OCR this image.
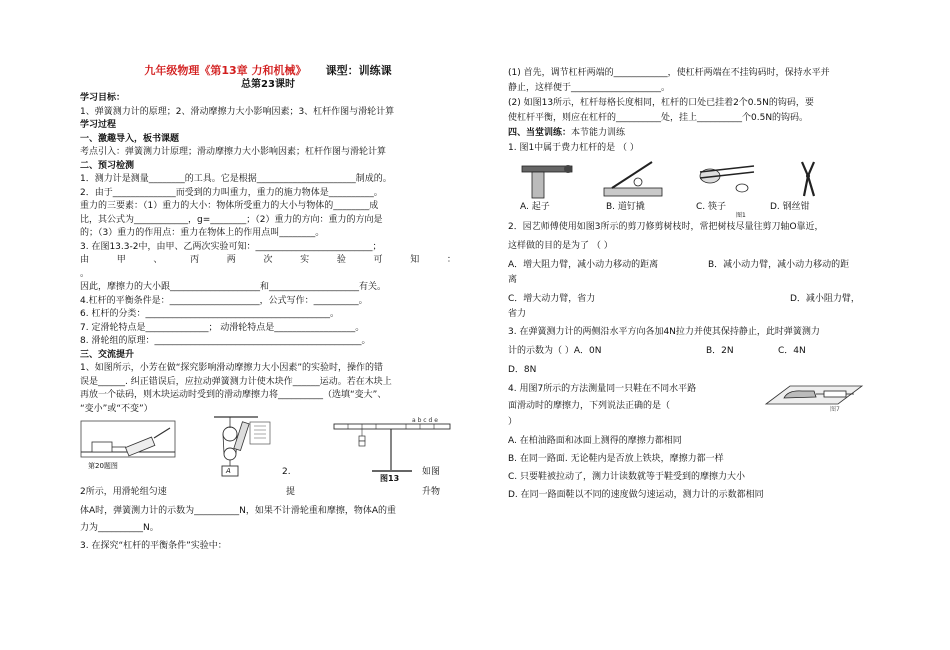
九年级物理《第13章 力和机械》 课型：训练课
总第23课时
学习目标：
1、弹簧测力计的原理；2、滑动摩擦力大小影响因素；3、杠杆作图与滑轮计算
学习过程
一、激趣导入，板书课题
考点引入：弹簧测力计原理；滑动摩擦力大小影响因素；杠杆作图与滑轮计算
二、预习检测
1．测力计是测量________的工具。它是根据______________________制成的。
2．由于______________而受到的力叫重力，重力的施力物体是__________。
重力的三要素：（1）重力的大小：物体所受重力的大小与物体的________成
比，其公式为____________，g=________；（2）重力的方向：重力的方向是
的；（3）重力的作用点：重力在物体上的作用点叫________。
3. 在图13.3-2中，由甲、乙两次实验可知：__________________________；
由	甲	、	丙	两	次	实	验	可	知	：
。
因此，摩擦力的大小跟____________________和____________________有关。
4.杠杆的平衡条件是：____________________，公式写作：__________。
6. 杠杆的分类：_________________________________________。
7. 定滑轮特点是______________； 动滑轮特点是__________________。
8. 滑轮组的原理：______________________________________________。
三、交流提升
1、如图所示，小芳在做“探究影响滑动摩擦力大小因素”的实验时，操作的错
误是______. 纠正错误后，应拉动弹簧测力计使木块作______运动。若在木块上
再放一个砝码，则木块运动时受到的滑动摩擦力将__________（选填“变大”、
“变小”或“不变”）
第20题图
A
a b c d e
图13
2.	如图
2所示，用滑轮组匀速	提	升物
体A时，弹簧测力计的示数为__________N，如果不计滑轮重和摩擦，物体A的重
力为__________N。
3. 在探究“杠杆的平衡条件”实验中：
(1) 首先，调节杠杆两端的____________，使杠杆两端在不挂钩码时，保持水平并
静止，这样便于____________________。
(2) 如图13所示，杠杆每格长度相同，杠杆的口处已挂着2个0.5N的钩码，要
使杠杆平衡，则应在杠杆的__________处，挂上__________个0.5N的钩码。
四、当堂训练：本节能力训练
1. 图1中属于费力杠杆的是 （ ）
A. 起子	B. 道钉撬	C. 筷子	D. 钢丝钳
图1
2．园艺师傅使用如图3所示的剪刀修剪树枝时，常把树枝尽量往剪刀轴O靠近，
这样做的目的是为了 （ ）
A．增大阻力臂，减小动力移动的距离	B．减小动力臂，减小动力移动的距
离
C．增大动力臂，省力	D．减小阻力臂，
省力
3. 在弹簧测力计的两侧沿水平方向各加4N拉力并使其保持静止，此时弹簧测力
计的示数为（ ）A．0N	B．2N	C．4N
D．8N
4. 用图7所示的方法测量同一只鞋在不同水平路
面滑动时的摩擦力，下列说法正确的是（
）
图7
A. 在柏油路面和冰面上测得的摩擦力都相同
B. 在同一路面. 无论鞋内是否放上铁块，摩擦力都一样
C. 只要鞋被拉动了，测力计读数就等于鞋受到的摩擦力大小
D. 在同一路面鞋以不同的速度做匀速运动，测力计的示数都相同
